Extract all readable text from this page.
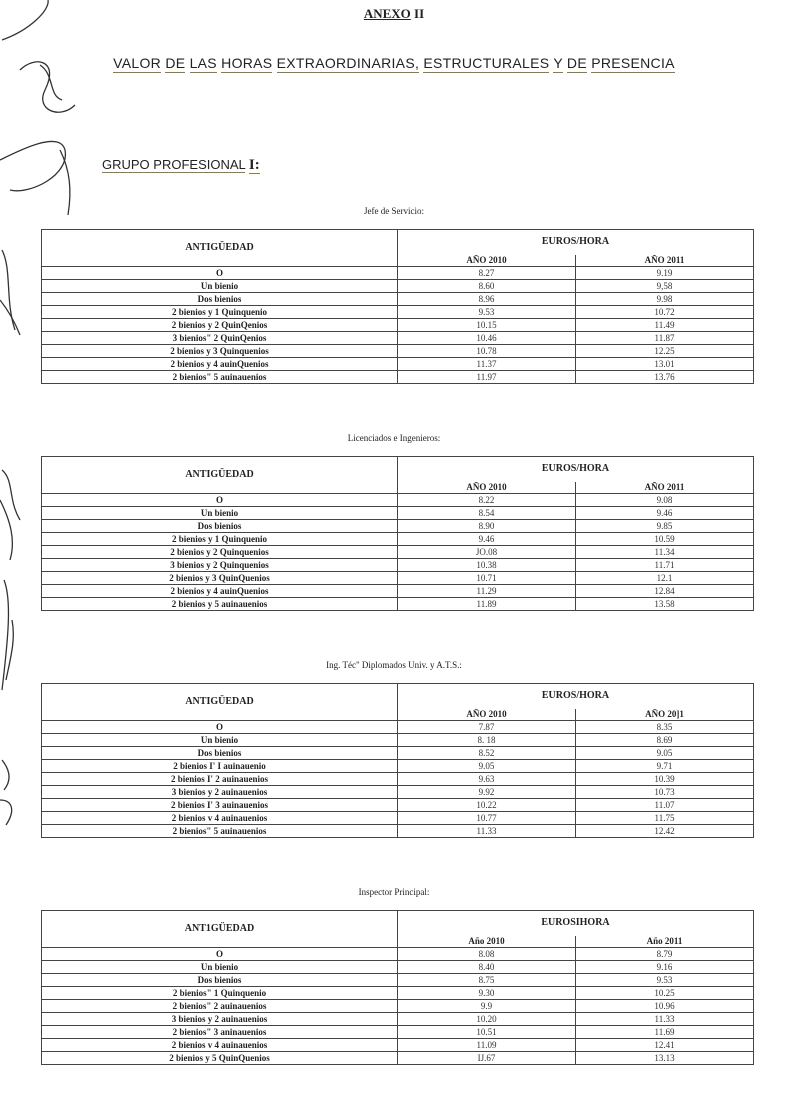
ANEXO II
VALOR DE LAS HORAS EXTRAORDINARIAS, ESTRUCTURALES Y DE PRESENCIA
GRUPO PROFESIONAL I:
Jefe de Servicio:
ANTIGÜEDAD	EUROS/HORA	
	AÑO 2010	AÑO 2011
O	8.27	9.19
Un bienio	8.60	9,58
Dos bienios	8.96	9.98
2 bienios y 1 Quinquenio	9.53	10.72
2 bienios y 2 QuinQenios	10.15	11.49
3 bienios" 2 QuinQenios	10.46	11.87
2 bienios y 3 Quinquenios	10.78	12.25
2 bienios y 4 auinQuenios	11.37	13.01
2 bienios" 5 auinauenios	11.97	13.76
Licenciados e Ingenieros:
ANTIGÜEDAD	EUROS/HORA	
	AÑO 2010	AÑO 2011
O	8.22	9.08
Un bienio	8.54	9.46
Dos bienios	8.90	9.85
2 bienios y 1 Quinquenio	9.46	10.59
2 bienios y 2 Quinquenios	JO.08	11.34
3 bienios y 2 Quinquenios	10.38	11.71
2 bienios y 3 QuinQuenios	10.71	12.1
2 bienios y 4 auinQuenios	11.29	12.84
2 bienios y 5 auinauenios	11.89	13.58
Ing. Téc" Diplomados Univ. y A.T.S.:
ANTIGÜEDAD	EUROS/HORA	
	AÑO 2010	AÑO 20]1
O	7.87	8.35
Un bienio	8. 18	8.69
Dos bienios	8.52	9.05
2 bienios I' I auinauenio	9.05	9.71
2 bienios I' 2 auinauenios	9.63	10.39
3 bienios y 2 auinauenios	9.92	10.73
2 bienios I' 3 auinauenios	10.22	11.07
2 bienios v 4 auinauenios	10.77	11.75
2 bienios" 5 auinauenios	11.33	12.42
Inspector Principal:
ANT1GÜEDAD	EUROSIHORA	
	Año 2010	Año 2011
O	8.08	8.79
Un bienio	8.40	9.16
Dos bienios	8.75	9.53
2 bienios" 1 Quinquenio	9.30	10.25
2 bienios" 2 auinauenios	9.9	10.96
3 bienios y 2 auinauenios	10.20	11.33
2 bienios" 3 aninauenios	10.51	11.69
2 bienios v 4 auinauenios	11.09	12.41
2 bienios y 5 QuinQuenios	IJ.67	13.13
